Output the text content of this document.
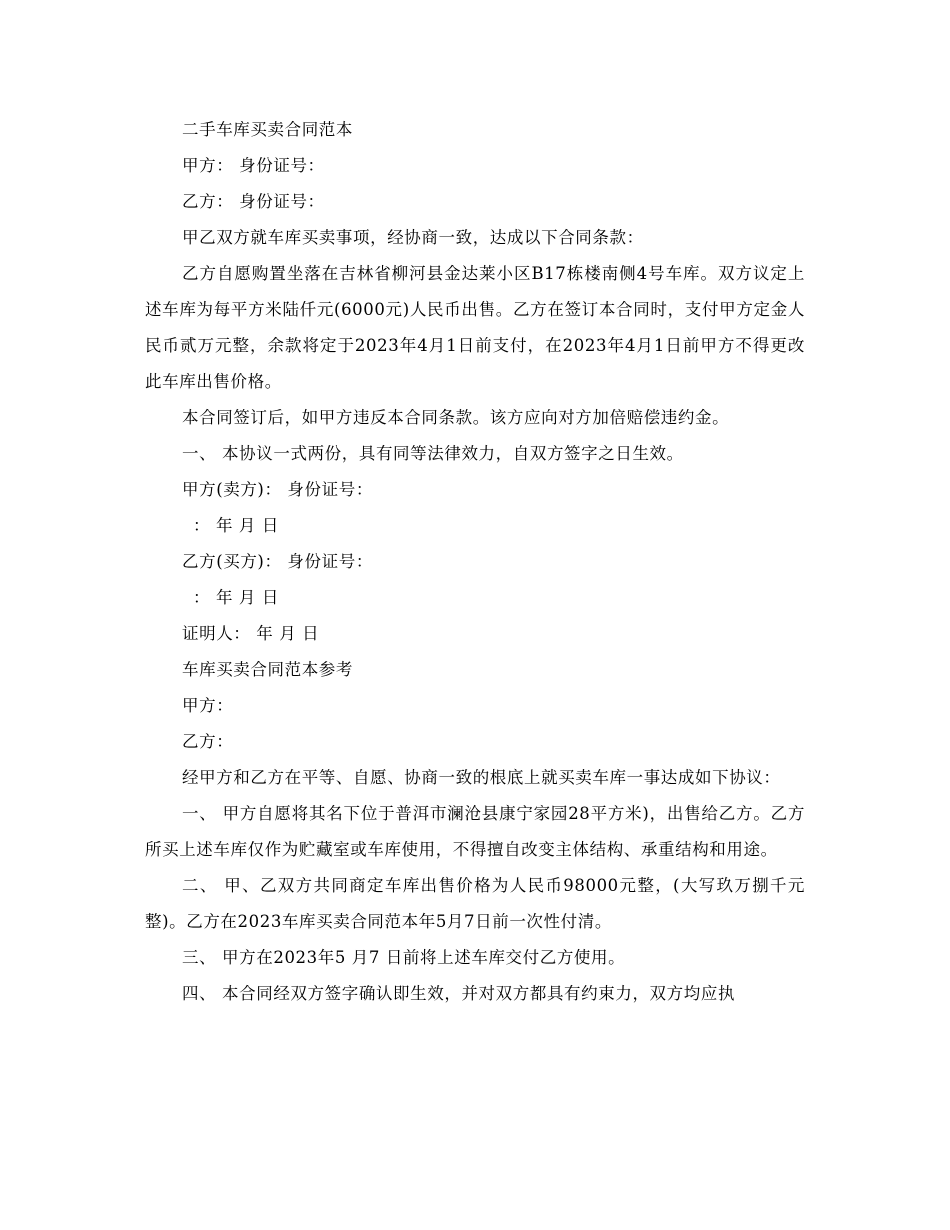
二手车库买卖合同范本

甲方： 身份证号：

乙方： 身份证号：

甲乙双方就车库买卖事项，经协商一致，达成以下合同条款：

乙方自愿购置坐落在吉林省柳河县金达莱小区B17栋楼南侧4号车库。双方议定上述车库为每平方米陆仟元(6000元)人民币出售。乙方在签订本合同时，支付甲方定金人民币贰万元整，余款将定于2023年4月1日前支付，在2023年4月1日前甲方不得更改此车库出售价格。

本合同签订后，如甲方违反本合同条款。该方应向对方加倍赔偿违约金。

一、 本协议一式两份，具有同等法律效力，自双方签字之日生效。

甲方(卖方)： 身份证号：

： 年 月 日

乙方(买方)： 身份证号：

： 年 月 日

证明人： 年 月 日

车库买卖合同范本参考

甲方：

乙方：

经甲方和乙方在平等、自愿、协商一致的根底上就买卖车库一事达成如下协议：

一、 甲方自愿将其名下位于普洱市澜沧县康宁家园28平方米)，出售给乙方。乙方所买上述车库仅作为贮藏室或车库使用，不得擅自改变主体结构、承重结构和用途。

二、 甲、乙双方共同商定车库出售价格为人民币98000元整，(大写玖万捌千元整)。乙方在2023车库买卖合同范本年5月7日前一次性付清。

三、 甲方在2023年5 月7 日前将上述车库交付乙方使用。

四、 本合同经双方签字确认即生效，并对双方都具有约束力，双方均应执
